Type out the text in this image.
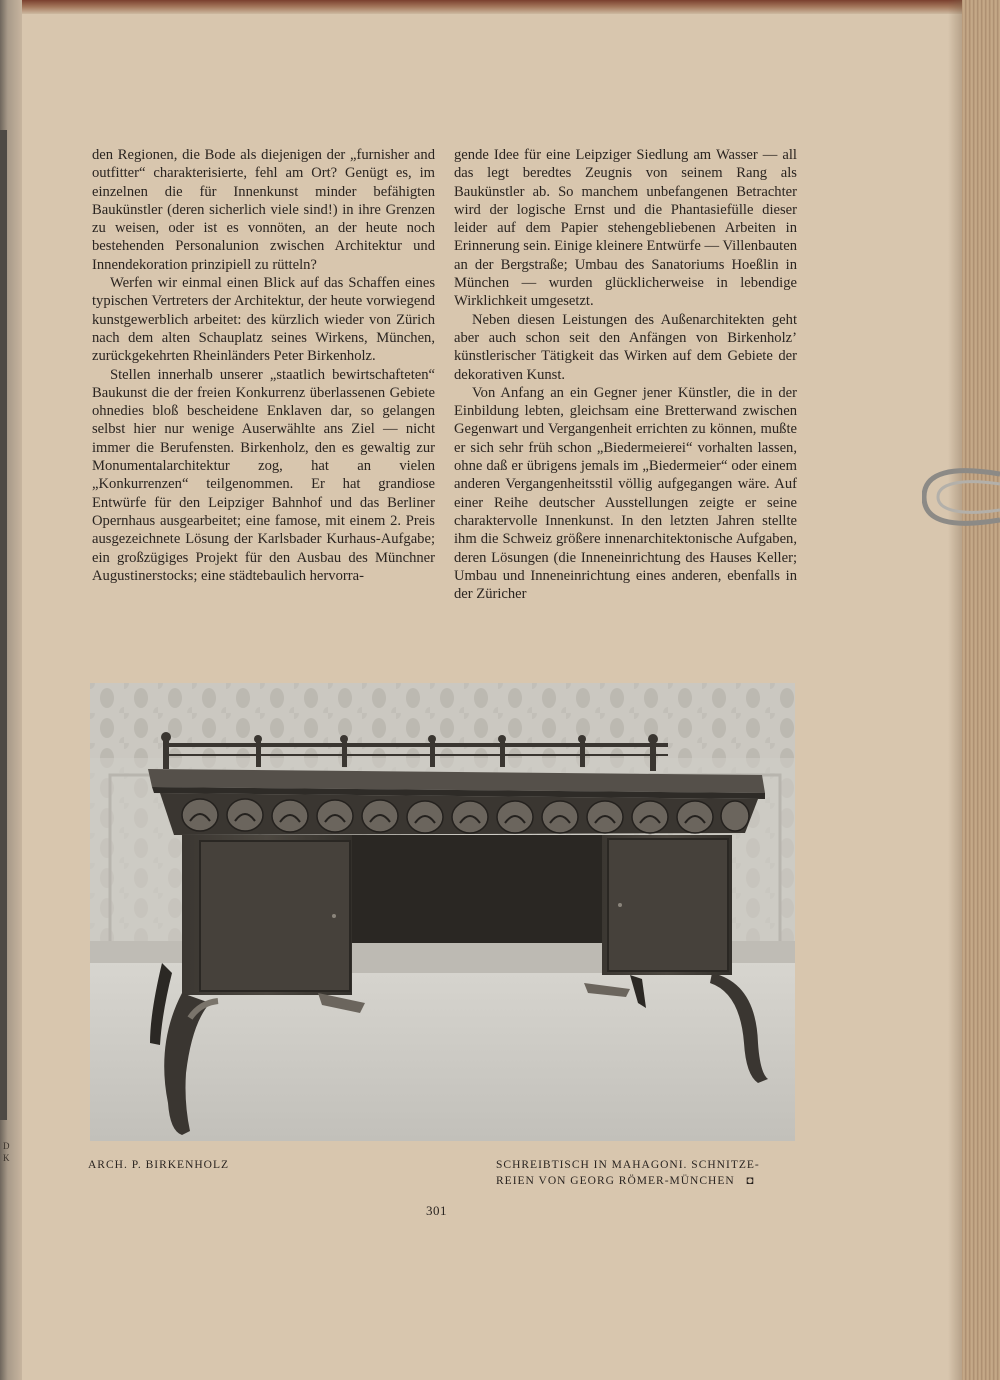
D
K

den Regionen, die Bode als diejenigen der „furnisher and outfitter“ charakterisierte, fehl am Ort? Genügt es, im einzelnen die für Innenkunst minder befähigten Baukünstler (deren sicherlich viele sind!) in ihre Grenzen zu weisen, oder ist es vonnöten, an der heute noch bestehenden Personalunion zwischen Architektur und Innendekoration prinzipiell zu rütteln?

Werfen wir einmal einen Blick auf das Schaffen eines typischen Vertreters der Architektur, der heute vorwiegend kunstgewerblich arbeitet: des kürzlich wieder von Zürich nach dem alten Schauplatz seines Wirkens, München, zurückgekehrten Rheinländers Peter Birkenholz.

Stellen innerhalb unserer „staatlich bewirtschafteten“ Baukunst die der freien Konkurrenz überlassenen Gebiete ohnedies bloß bescheidene Enklaven dar, so gelangen selbst hier nur wenige Auserwählte ans Ziel — nicht immer die Berufensten. Birkenholz, den es gewaltig zur Monumentalarchitektur zog, hat an vielen „Konkurrenzen“ teilgenommen. Er hat grandiose Entwürfe für den Leipziger Bahnhof und das Berliner Opernhaus ausgearbeitet; eine famose, mit einem 2. Preis ausgezeichnete Lösung der Karlsbader Kurhaus-Aufgabe; ein großzügiges Projekt für den Ausbau des Münchner Augustinerstocks; eine städtebaulich hervorra-

gende Idee für eine Leipziger Siedlung am Wasser — all das legt beredtes Zeugnis von seinem Rang als Baukünstler ab. So manchem unbefangenen Betrachter wird der logische Ernst und die Phantasiefülle dieser leider auf dem Papier stehengebliebenen Arbeiten in Erinnerung sein. Einige kleinere Entwürfe — Villenbauten an der Bergstraße; Umbau des Sanatoriums Hoeßlin in München — wurden glücklicherweise in lebendige Wirklichkeit umgesetzt.

Neben diesen Leistungen des Außenarchitekten geht aber auch schon seit den Anfängen von Birkenholz’ künstlerischer Tätigkeit das Wirken auf dem Gebiete der dekorativen Kunst.

Von Anfang an ein Gegner jener Künstler, die in der Einbildung lebten, gleichsam eine Bretterwand zwischen Gegenwart und Vergangenheit errichten zu können, mußte er sich sehr früh schon „Biedermeierei“ vorhalten lassen, ohne daß er übrigens jemals im „Biedermeier“ oder einem anderen Vergangenheitsstil völlig aufgegangen wäre. Auf einer Reihe deutscher Ausstellungen zeigte er seine charaktervolle Innenkunst. In den letzten Jahren stellte ihm die Schweiz größere innenarchitektonische Aufgaben, deren Lösungen (die Inneneinrichtung des Hauses Keller; Umbau und Inneneinrichtung eines anderen, ebenfalls in der Züricher

ARCH. P. BIRKENHOLZ	SCHREIBTISCH IN MAHAGONI. SCHNITZE-
REIEN VON GEORG RÖMER-MÜNCHEN ◘
301
